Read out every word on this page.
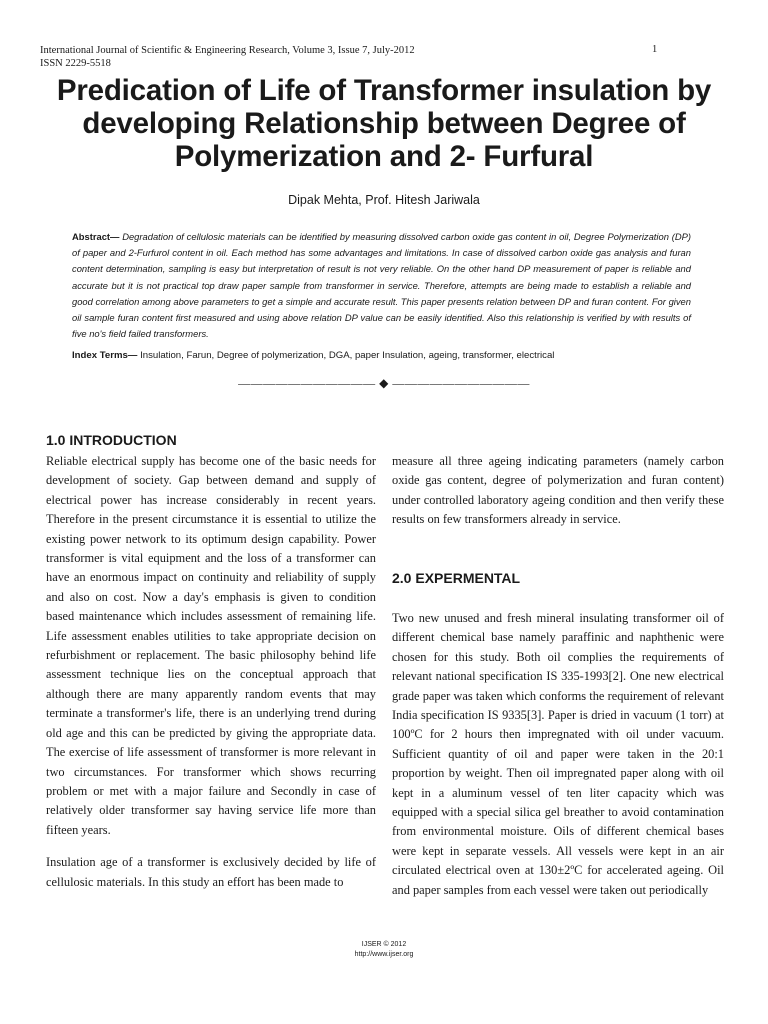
International Journal of Scientific & Engineering Research, Volume 3, Issue 7, July-2012
ISSN 2229-5518
1
Predication of Life of Transformer insulation by developing Relationship between Degree of Polymerization and 2- Furfural
Dipak Mehta, Prof. Hitesh Jariwala
Abstract— Degradation of cellulosic materials can be identified by measuring dissolved carbon oxide gas content in oil, Degree Polymerization (DP) of paper and 2-Furfurol content in oil. Each method has some advantages and limitations. In case of dissolved carbon oxide gas analysis and furan content determination, sampling is easy but interpretation of result is not very reliable. On the other hand DP measurement of paper is reliable and accurate but it is not practical top draw paper sample from transformer in service. Therefore, attempts are being made to establish a reliable and good correlation among above parameters to get a simple and accurate result. This paper presents relation between DP and furan content. For given oil sample furan content first measured and using above relation DP value can be easily identified. Also this relationship is verified by with results of five no's field failed transformers.
Index Terms— Insulation, Farun, Degree of polymerization, DGA, paper Insulation, ageing, transformer, electrical
——————————— ◆ ———————————
1.0 INTRODUCTION

Reliable electrical supply has become one of the basic needs for development of society. Gap between demand and supply of electrical power has increase considerably in recent years. Therefore in the present circumstance it is essential to utilize the existing power network to its optimum design capability. Power transformer is vital equipment and the loss of a transformer can have an enormous impact on continuity and reliability of supply and also on cost. Now a day's emphasis is given to condition based maintenance which includes assessment of remaining life. Life assessment enables utilities to take appropriate decision on refurbishment or replacement. The basic philosophy behind life assessment technique lies on the conceptual approach that although there are many apparently random events that may terminate a transformer's life, there is an underlying trend during old age and this can be predicted by giving the appropriate data. The exercise of life assessment of transformer is more relevant in two circumstances. For transformer which shows recurring problem or met with a major failure and Secondly in case of relatively older transformer say having service life more than fifteen years.

Insulation age of a transformer is exclusively decided by life of cellulosic materials. In this study an effort has been made to

measure all three ageing indicating parameters (namely carbon oxide gas content, degree of polymerization and furan content) under controlled laboratory ageing condition and then verify these results on few transformers already in service.

2.0 EXPERMENTAL

Two new unused and fresh mineral insulating transformer oil of different chemical base namely paraffinic and naphthenic were chosen for this study. Both oil complies the requirements of relevant national specification IS 335-1993[2]. One new electrical grade paper was taken which conforms the requirement of relevant India specification IS 9335[3]. Paper is dried in vacuum (1 torr) at 100ºC for 2 hours then impregnated with oil under vacuum. Sufficient quantity of oil and paper were taken in the 20:1 proportion by weight. Then oil impregnated paper along with oil kept in a aluminum vessel of ten liter capacity which was equipped with a special silica gel breather to avoid contamination from environmental moisture. Oils of different chemical bases were kept in separate vessels. All vessels were kept in an air circulated electrical oven at 130±2ºC for accelerated ageing. Oil and paper samples from each vessel were taken out periodically

IJSER © 2012
http://www.ijser.org
